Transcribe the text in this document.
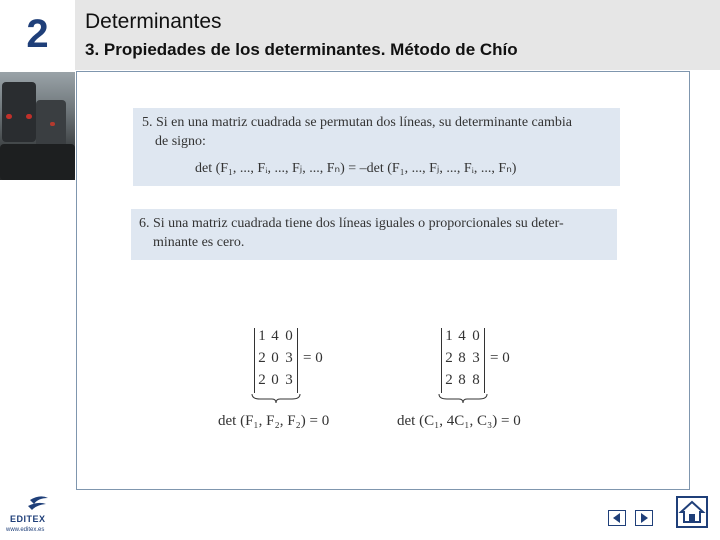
2
EDITEX
www.editex.es
Determinantes
3. Propiedades de los determinantes. Método de Chío
5. Si en una matriz cuadrada se permutan dos líneas, su determinante cambia
de signo:
det (F₁, ..., Fᵢ, ..., Fⱼ, ..., Fₙ) = –det (F₁, ..., Fⱼ, ..., Fᵢ, ..., Fₙ)
6. Si una matriz cuadrada tiene dos líneas iguales o proporcionales su deter-
minante es cero.
1 4 0
2 0 3
2 0 3
= 0
det (F₁, F₂, F₂) = 0
1 4 0
2 8 3
2 8 8
= 0
det (C₁, 4C₁, C₃) = 0
